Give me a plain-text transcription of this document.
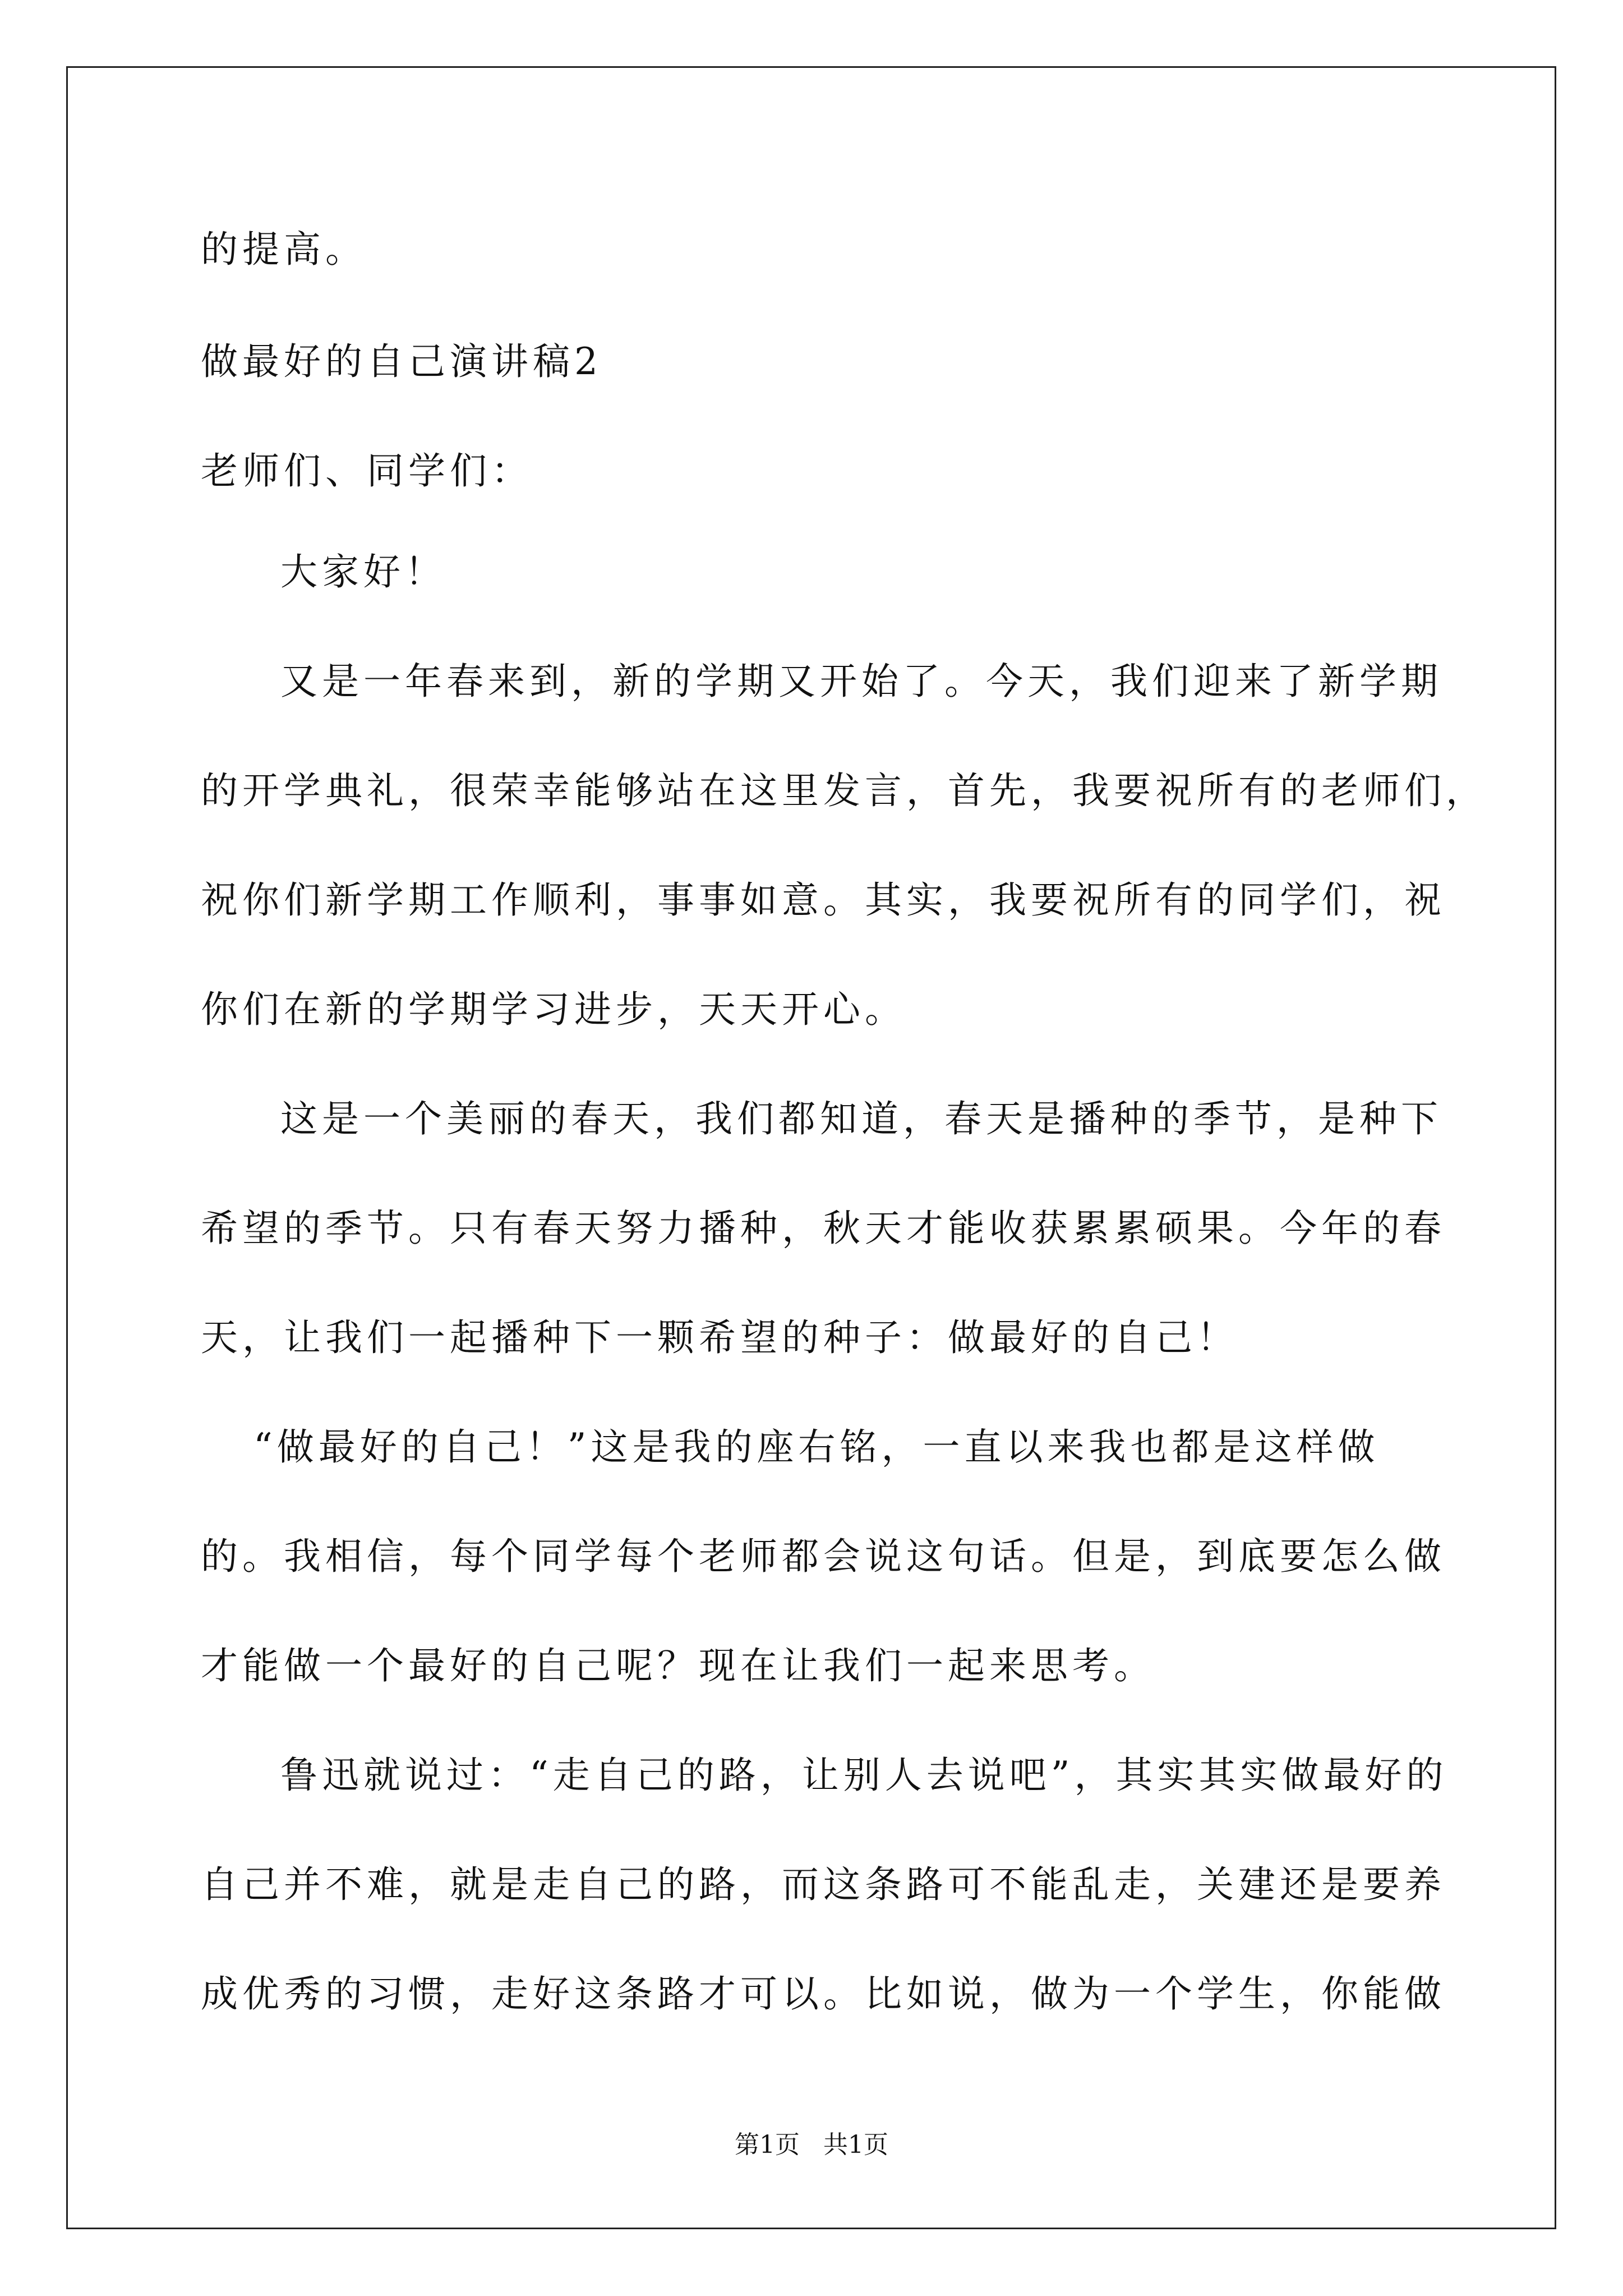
的提高。
做最好的自己演讲稿2
老师们、同学们：
大家好！
又是一年春来到，新的学期又开始了。今天，我们迎来了新学期
的开学典礼，很荣幸能够站在这里发言，首先，我要祝所有的老师们，
祝你们新学期工作顺利，事事如意。其实，我要祝所有的同学们，祝
你们在新的学期学习进步，天天开心。
这是一个美丽的春天，我们都知道，春天是播种的季节，是种下
希望的季节。只有春天努力播种，秋天才能收获累累硕果。今年的春
天，让我们一起播种下一颗希望的种子：做最好的自己！
“做最好的自己！”这是我的座右铭，一直以来我也都是这样做
的。我相信，每个同学每个老师都会说这句话。但是，到底要怎么做
才能做一个最好的自己呢？现在让我们一起来思考。
鲁迅就说过：“走自己的路，让别人去说吧”，其实其实做最好的
自己并不难，就是走自己的路，而这条路可不能乱走，关建还是要养
成优秀的习惯，走好这条路才可以。比如说，做为一个学生，你能做
第1页   共1页
